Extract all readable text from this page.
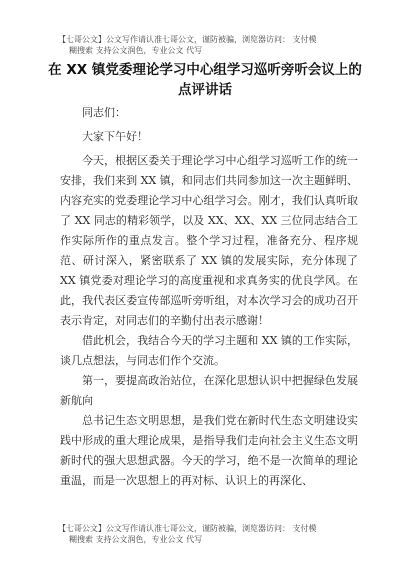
【七哥公文】公文写作请认准七哥公文，谨防被骗，浏览器访问： 支付模
糊搜索 支持公文润色，专业公文 代写
在 XX 镇党委理论学习中心组学习巡听旁听会议上的点评讲话

同志们：

大家下午好！

今天，根据区委关于理论学习中心组学习巡听工作的统一安排，我们来到 XX 镇，和同志们共同参加这一次主题鲜明、内容充实的党委理论学习中心组学习会。刚才，我们认真听取了 XX 同志的精彩领学，以及 XX、XX、XX 三位同志结合工作实际所作的重点发言。整个学习过程，准备充分、程序规范、研讨深入，紧密联系了 XX 镇的发展实际，充分体现了 XX 镇党委对理论学习的高度重视和求真务实的优良学风。在此，我代表区委宣传部巡听旁听组，对本次学习会的成功召开表示肯定，对同志们的辛勤付出表示感谢！

借此机会，我结合今天的学习主题和 XX 镇的工作实际，谈几点想法，与同志们作个交流。

第一，要提高政治站位，在深化思想认识中把握绿色发展新航向

总书记生态文明思想，是我们党在新时代生态文明建设实践中形成的重大理论成果，是指导我们走向社会主义生态文明新时代的强大思想武器。今天的学习，绝不是一次简单的理论重温，而是一次思想上的再对标、认识上的再深化、

【七哥公文】公文写作请认准七哥公文，谨防被骗，浏览器访问： 支付模
糊搜索 支持公文润色，专业公文 代写
